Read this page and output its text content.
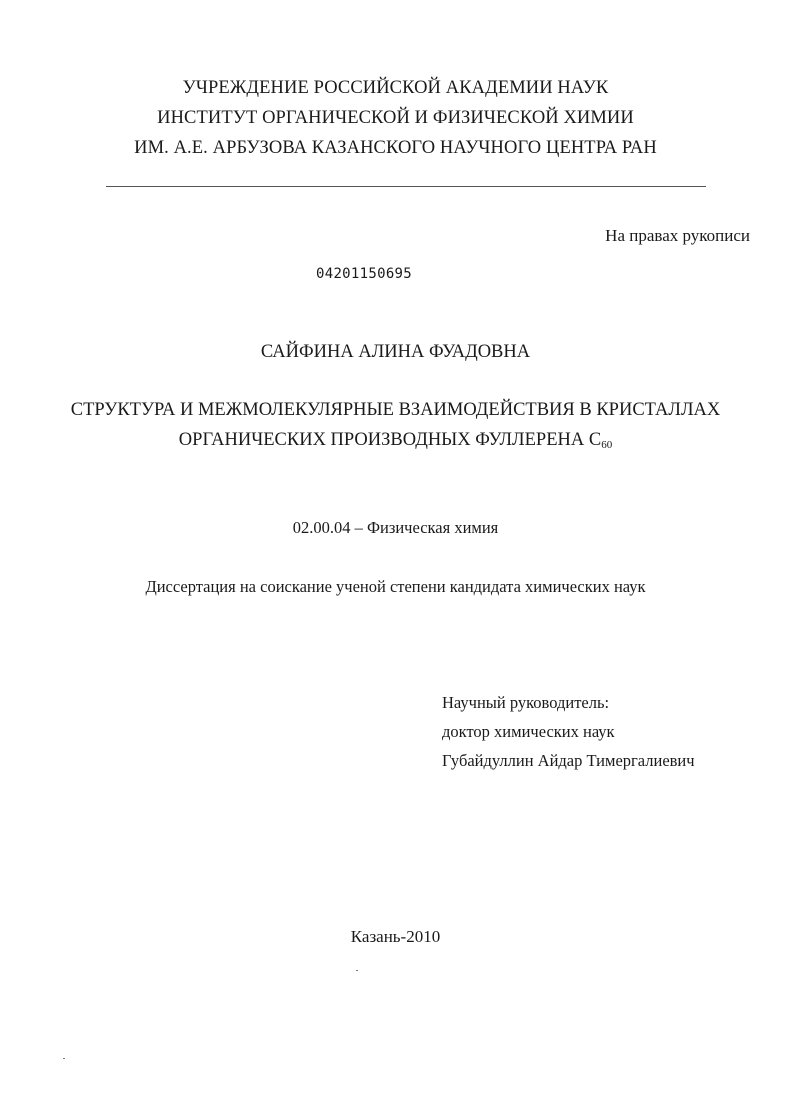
УЧРЕЖДЕНИЕ РОССИЙСКОЙ АКАДЕМИИ НАУК
ИНСТИТУТ ОРГАНИЧЕСКОЙ И ФИЗИЧЕСКОЙ ХИМИИ
ИМ. А.Е. АРБУЗОВА КАЗАНСКОГО НАУЧНОГО ЦЕНТРА РАН
На правах рукописи
04201150695
САЙФИНА АЛИНА ФУАДОВНА
СТРУКТУРА И МЕЖМОЛЕКУЛЯРНЫЕ ВЗАИМОДЕЙСТВИЯ В КРИСТАЛЛАХ
ОРГАНИЧЕСКИХ ПРОИЗВОДНЫХ ФУЛЛЕРЕНА $С_{60}$
02.00.04 – Физическая химия
Диссертация на соискание ученой степени кандидата химических наук
Научный руководитель:
доктор химических наук
Губайдуллин Айдар Тимергалиевич
Казань-2010
